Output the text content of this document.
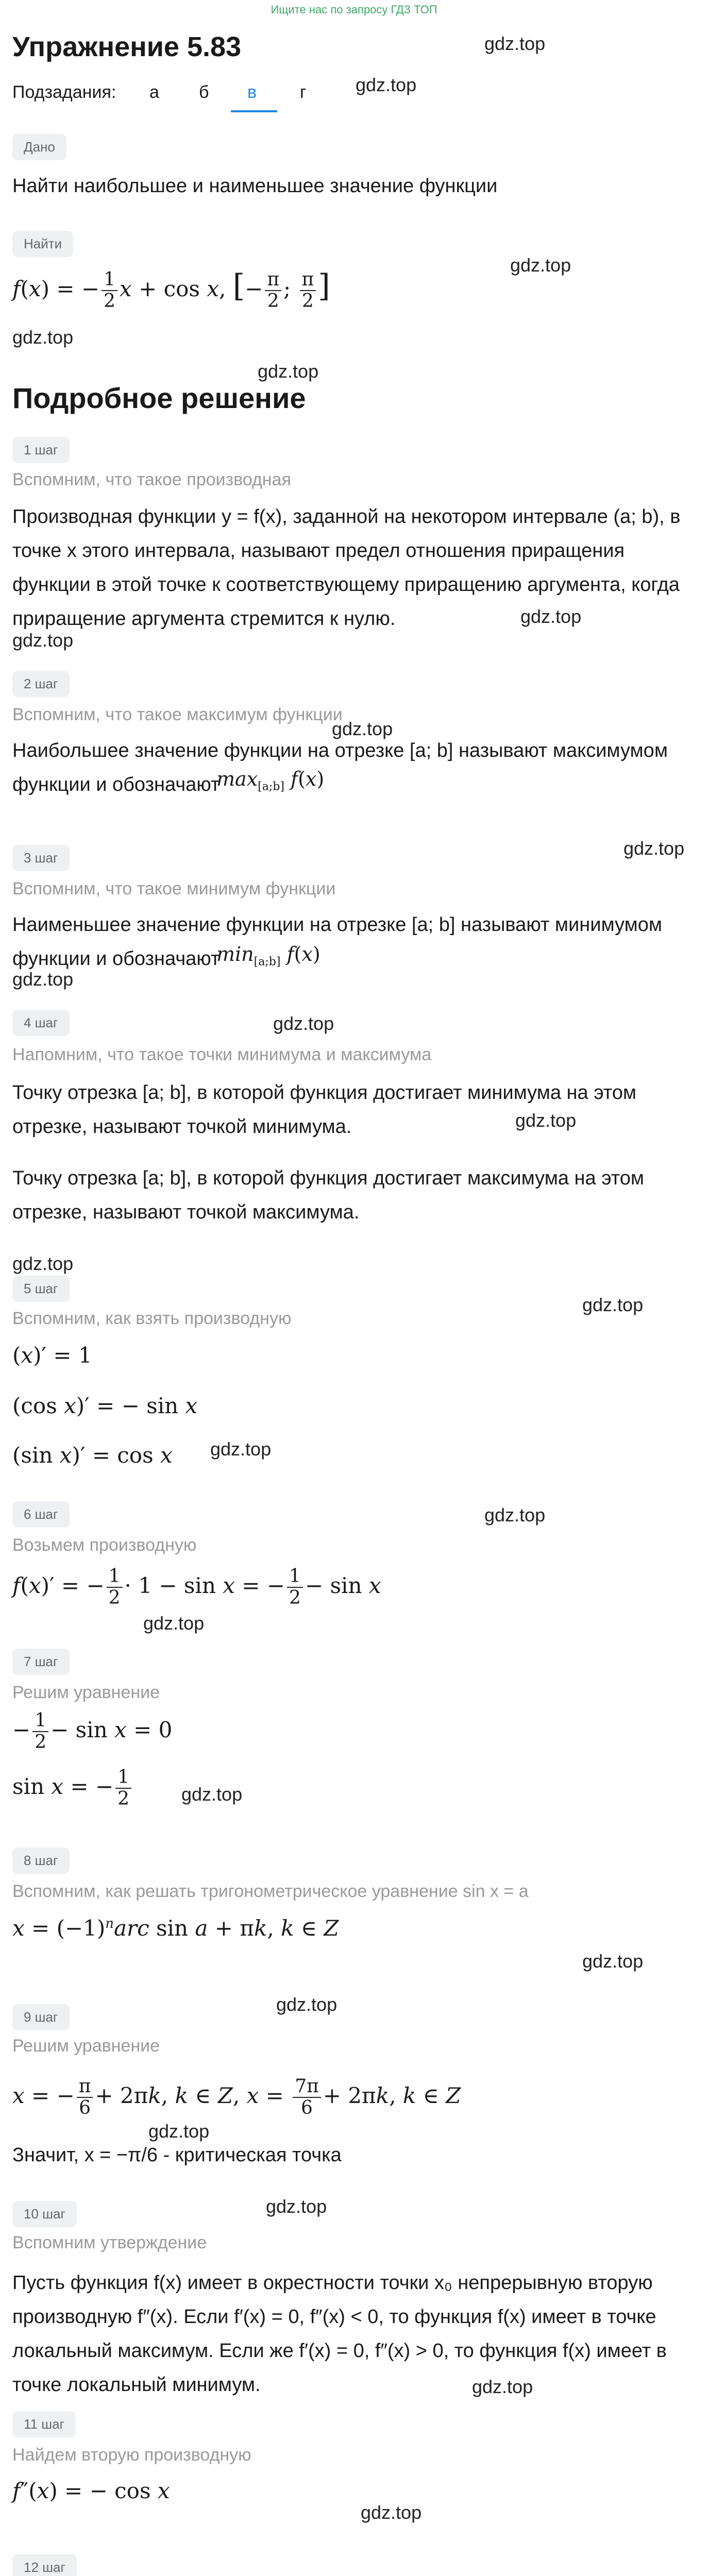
Ищите нас по запросу ГДЗ ТОП
Упражнение 5.83	gdz.top
Подзадания: а б в г	gdz.top
Дано
Найти наибольшее и наименьшее значение функции
Найти
f(x) = − $\frac{1}{2}$ x + cos x, [− $\frac{\pi}{2}$ ; $\frac{\pi}{2}$ ]
gdz.top
gdz.top
gdz.top
Подробное решение
1 шаг
Вспомним, что такое производная
Производная функции y = f(x), заданной на некотором интервале (a; b), в точке x этого интервала, называют предел отношения приращения функции в этой точке к соответствующему приращению аргумента, когда приращение аргумента стремится к нулю.	gdz.top
gdz.top
2 шаг
Вспомним, что такое максимум функции
gdz.top
Наибольшее значение функции на отрезке [a; b] называют максимумом функции и обозначают
$\max_{[a;b]} f(x)$
3 шаг	gdz.top
Вспомним, что такое минимум функции
Наименьшее значение функции на отрезке [a; b] называют минимумом функции и обозначают
$\min_{[a;b]} f(x)$
gdz.top
4 шаг	gdz.top
Напомним, что такое точки минимума и максимума
Точку отрезка [a; b], в которой функция достигает минимума на этом отрезке, называют точкой минимума.	gdz.top
Точку отрезка [a; b], в которой функция достигает максимума на этом отрезке, называют точкой максимума.
gdz.top
5 шаг
gdz.top
Вспомним, как взять производную
(x)′ = 1
(cos x)′ = − sin x
(sin x)′ = cos x gdz.top
6 шаг	gdz.top
Возьмем производную
f(x)′ = − $\frac{1}{2} \cdot 1 - \sin x$ = − $\frac{1}{2} - \sin x$
gdz.top
7 шаг
Решим уравнение
− $\frac{1}{2} - \sin x = 0$
sin x = − $\frac{1}{2}$	gdz.top
8 шаг
Вспомним, как решать тригонометрическое уравнение sin x = a
$x = (-1)^narc$ sin a + πk, k ∈ Z
gdz.top
gdz.top
9 шаг
Решим уравнение
x = − $\frac{\pi}{6} + 2\pi k$, k ∈ Z, $x = \frac{7\pi}{6} + 2\pi k$, k ∈ Z
gdz.top
Значит, x = −π/6 - критическая точка
gdz.top
10 шаг
Вспомним утверждение
Пусть функция f(x) имеет в окрестности точки x₀ непрерывную вторую производную f″(x). Если f′(x) = 0, f″(x) < 0, то функция f(x) имеет в точке локальный максимум. Если же f′(x) = 0, f″(x) > 0, то функция f(x) имеет в точке локальный минимум.	gdz.top
11 шаг
Найдем вторую производную
f″(x) = − cos x
gdz.top
12 шаг
